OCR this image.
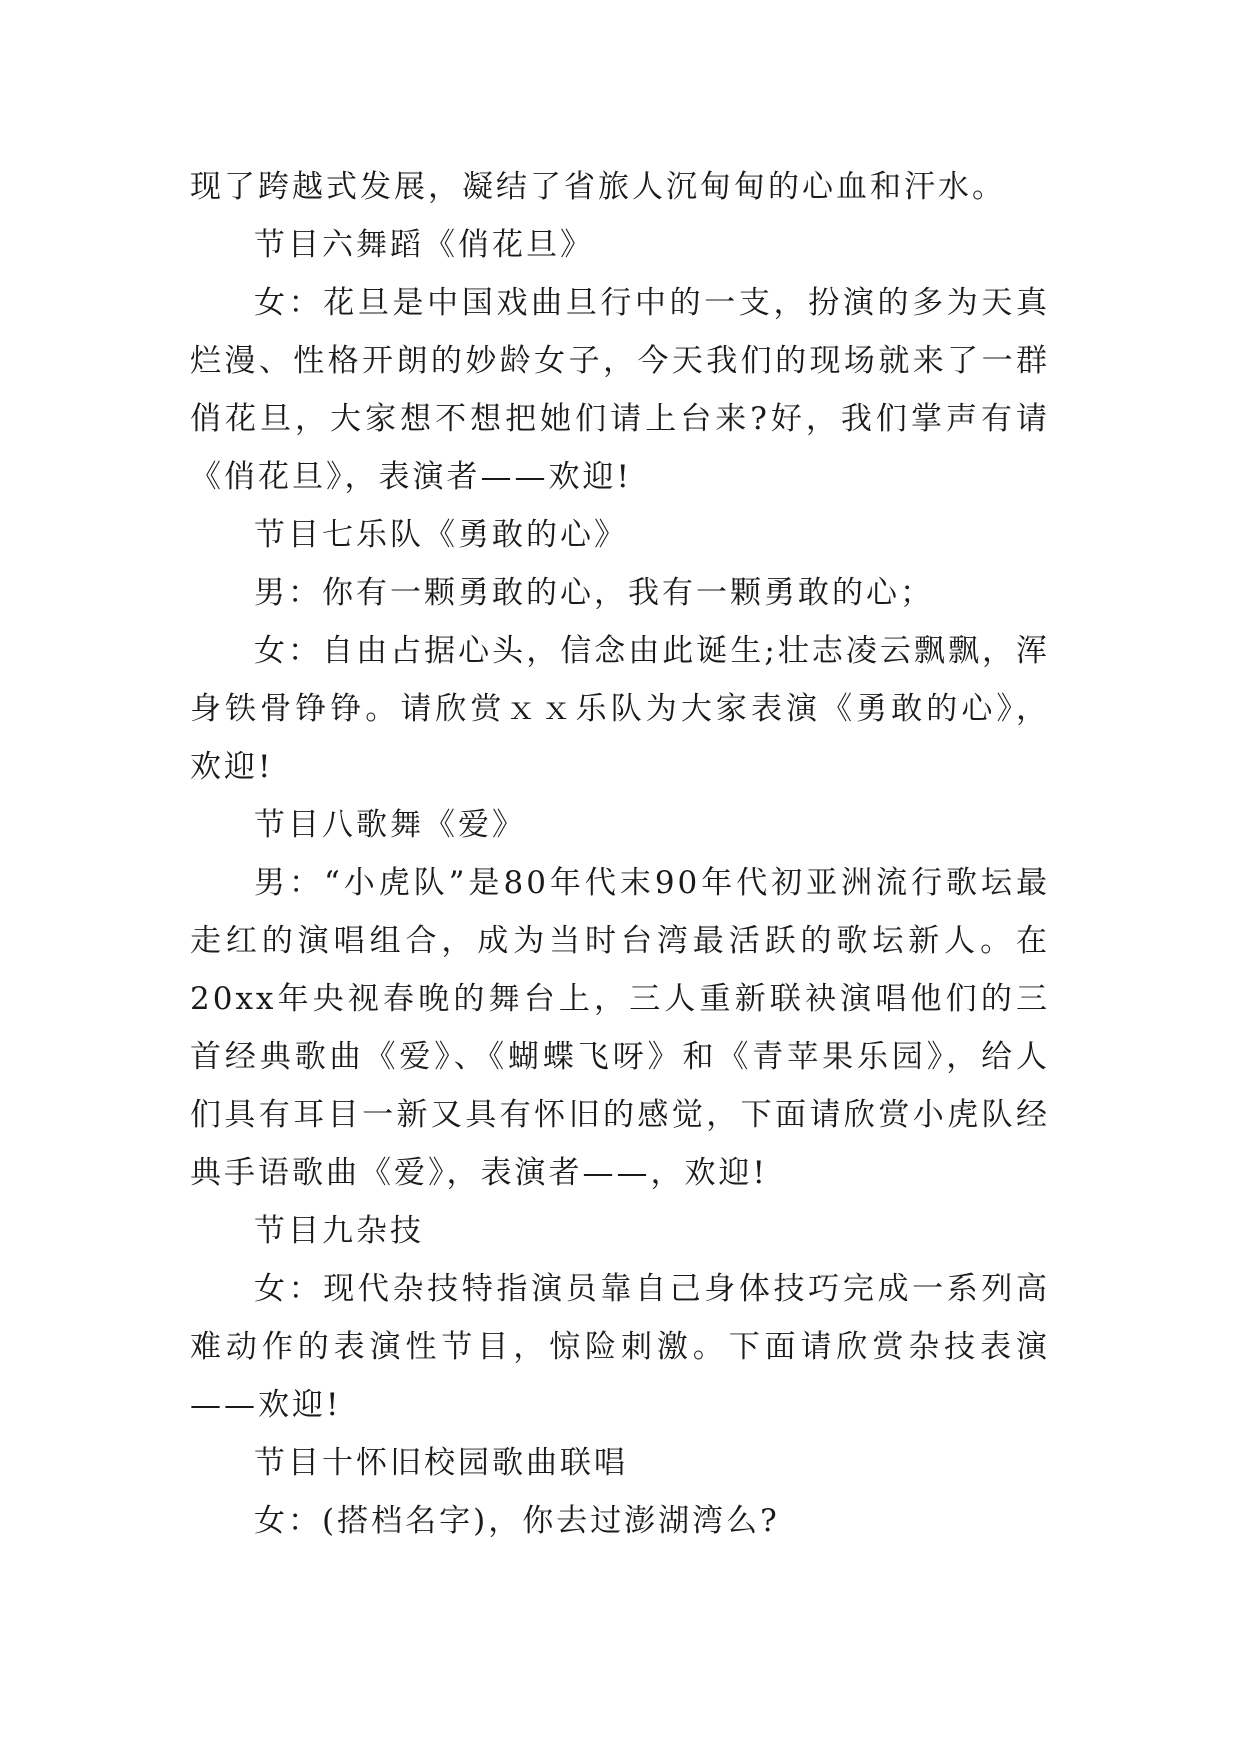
现了跨越式发展，凝结了省旅人沉甸甸的心血和汗水。

节目六舞蹈《俏花旦》

女：花旦是中国戏曲旦行中的一支，扮演的多为天真烂漫、性格开朗的妙龄女子，今天我们的现场就来了一群俏花旦，大家想不想把她们请上台来?好，我们掌声有请《俏花旦》，表演者——欢迎!

节目七乐队《勇敢的心》

男：你有一颗勇敢的心，我有一颗勇敢的心；

女：自由占据心头，信念由此诞生;壮志凌云飘飘，浑身铁骨铮铮。请欣赏ｘｘ乐队为大家表演《勇敢的心》，欢迎!

节目八歌舞《爱》

男：“小虎队”是80年代末90年代初亚洲流行歌坛最走红的演唱组合，成为当时台湾最活跃的歌坛新人。在20xx年央视春晚的舞台上，三人重新联袂演唱他们的三首经典歌曲《爱》、《蝴蝶飞呀》和《青苹果乐园》，给人们具有耳目一新又具有怀旧的感觉，下面请欣赏小虎队经典手语歌曲《爱》，表演者——，欢迎!

节目九杂技

女：现代杂技特指演员靠自己身体技巧完成一系列高难动作的表演性节目，惊险刺激。下面请欣赏杂技表演——欢迎!

节目十怀旧校园歌曲联唱

女：(搭档名字)，你去过澎湖湾么?
